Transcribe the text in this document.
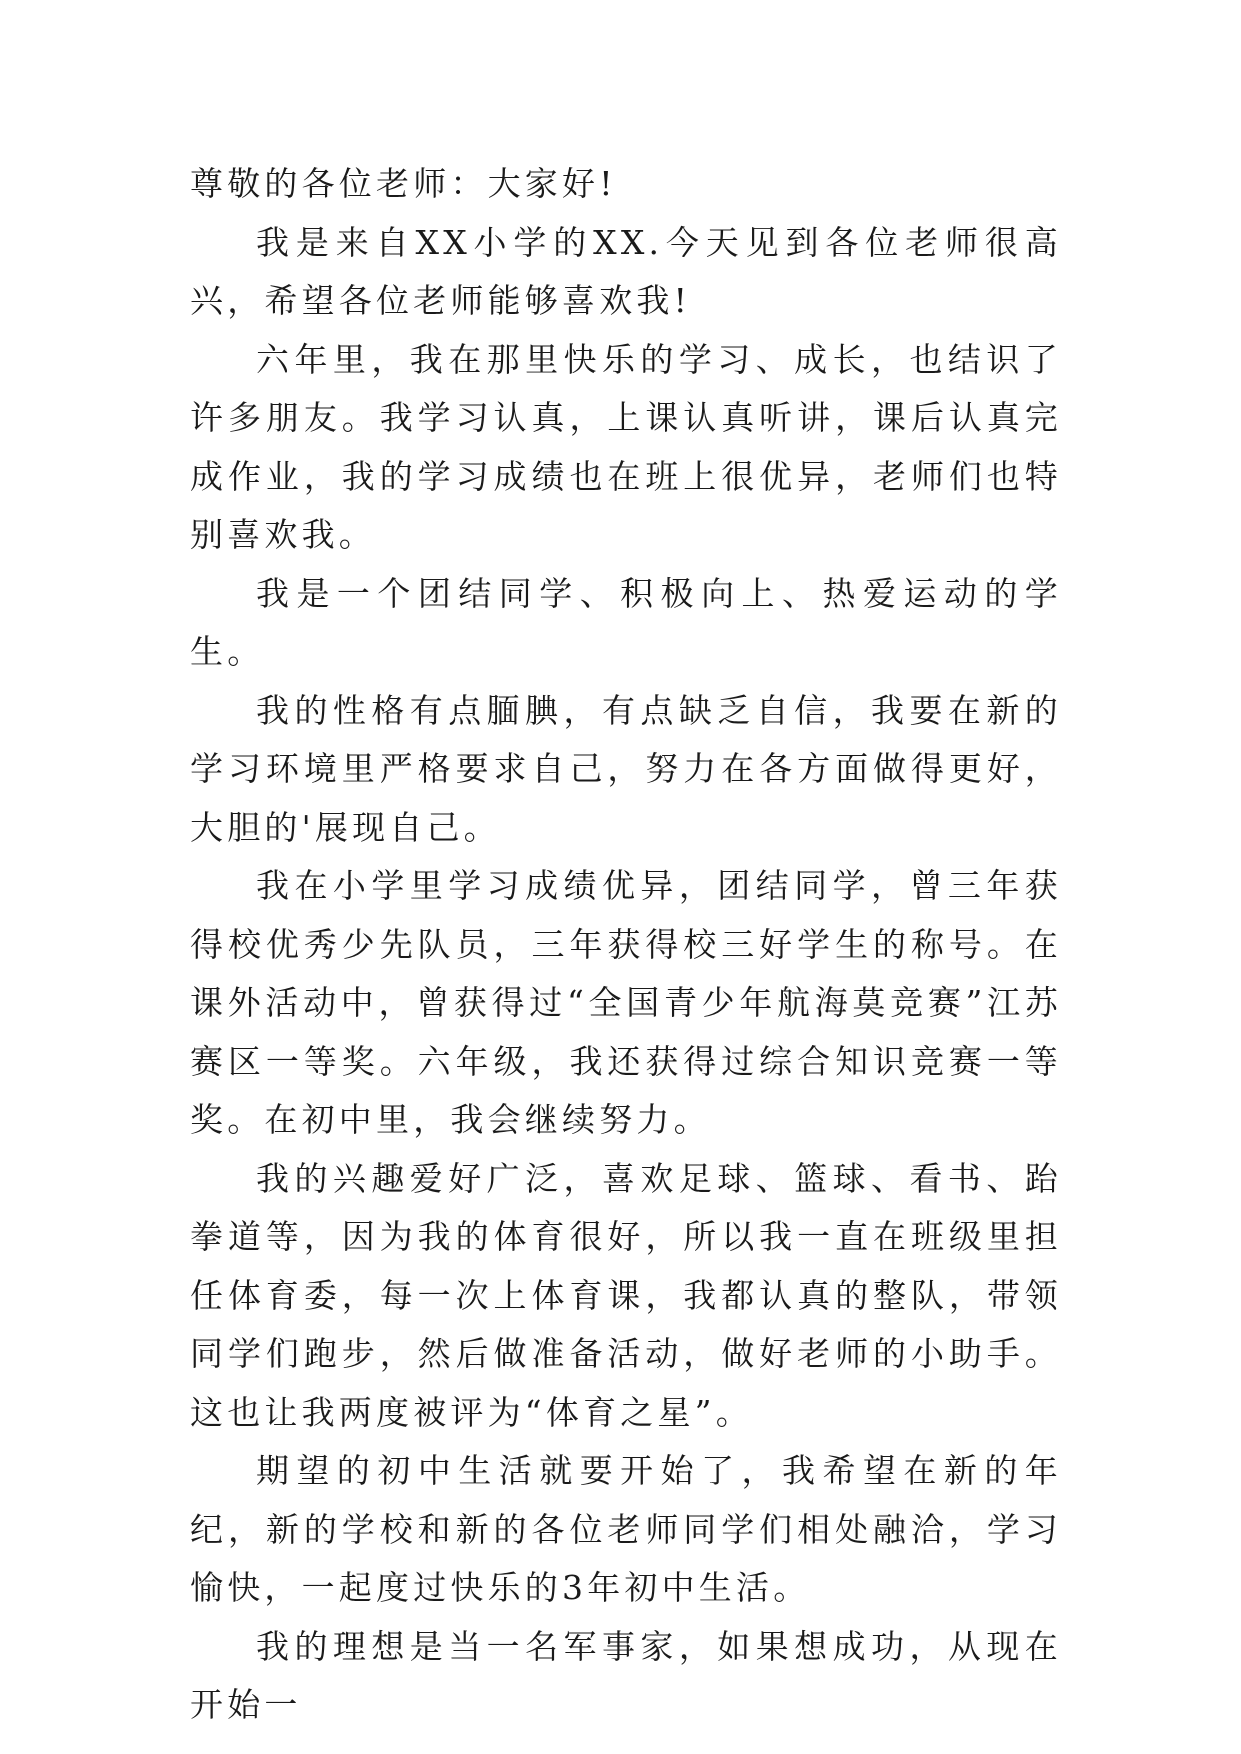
尊敬的各位老师：大家好!

我是来自XX小学的XX.今天见到各位老师很高兴，希望各位老师能够喜欢我!

六年里，我在那里快乐的学习、成长，也结识了许多朋友。我学习认真，上课认真听讲，课后认真完成作业，我的学习成绩也在班上很优异，老师们也特别喜欢我。

我是一个团结同学、积极向上、热爱运动的学生。

我的性格有点腼腆，有点缺乏自信，我要在新的学习环境里严格要求自己，努力在各方面做得更好，大胆的'展现自己。

我在小学里学习成绩优异，团结同学，曾三年获得校优秀少先队员，三年获得校三好学生的称号。在课外活动中，曾获得过“全国青少年航海莫竞赛”江苏赛区一等奖。六年级，我还获得过综合知识竞赛一等奖。在初中里，我会继续努力。

我的兴趣爱好广泛，喜欢足球、篮球、看书、跆拳道等，因为我的体育很好，所以我一直在班级里担任体育委，每一次上体育课，我都认真的整队，带领同学们跑步，然后做准备活动，做好老师的小助手。这也让我两度被评为“体育之星”。

期望的初中生活就要开始了，我希望在新的年纪，新的学校和新的各位老师同学们相处融洽，学习愉快，一起度过快乐的3年初中生活。

我的理想是当一名军事家，如果想成功，从现在开始一
